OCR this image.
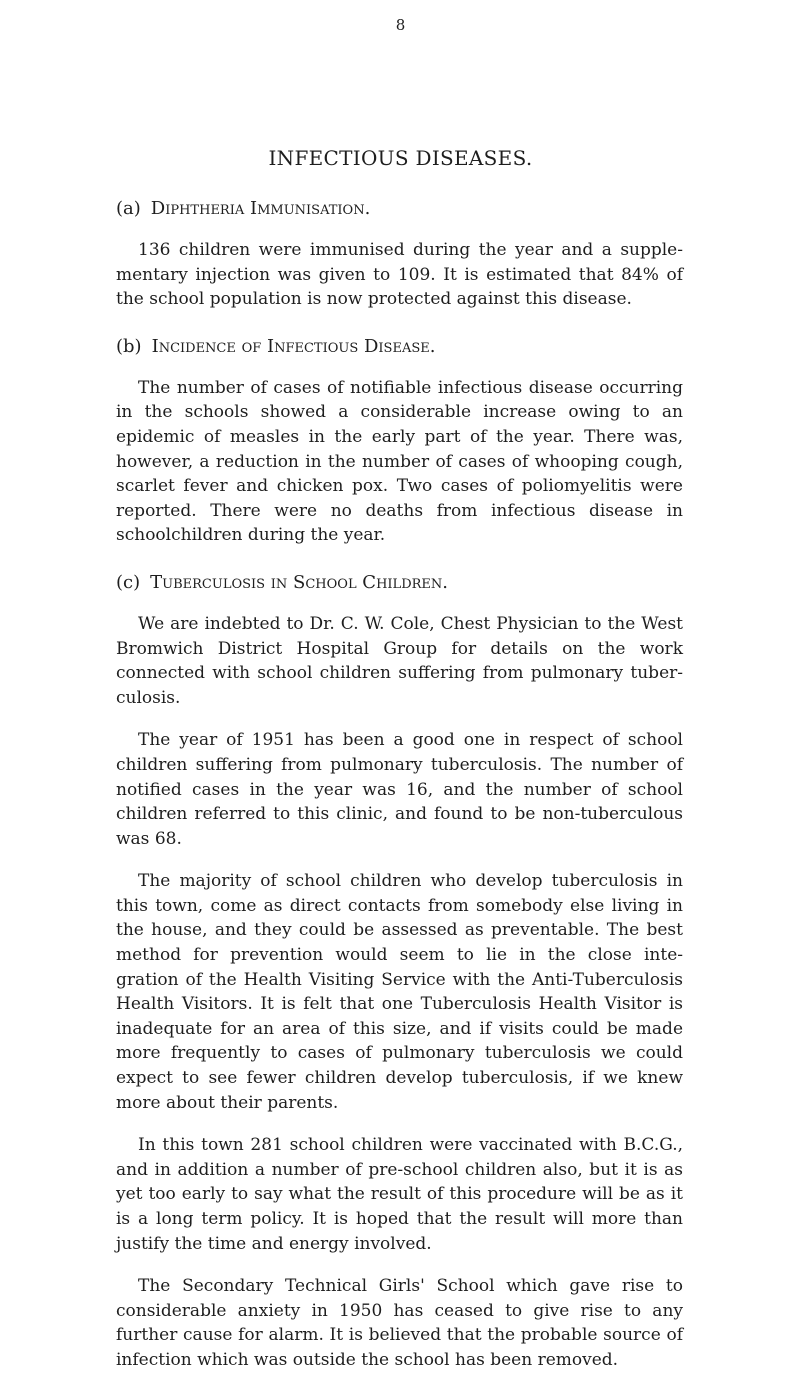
8
INFECTIOUS DISEASES.
(a) Diphtheria Immunisation.

136 children were immunised during the year and a supple‐ mentary injection was given to 109. It is estimated that 84% of the school population is now protected against this disease.

(b) Incidence of Infectious Disease.

The number of cases of notifiable infectious disease occurring in the schools showed a considerable increase owing to an epidemic of measles in the early part of the year. There was, however, a reduction in the number of cases of whooping cough, scarlet fever and chicken pox. Two cases of poliomyelitis were reported. There were no deaths from infectious disease in schoolchildren during the year.

(c) Tuberculosis in School Children.

We are indebted to Dr. C. W. Cole, Chest Physician to the West Bromwich District Hospital Group for details on the work connected with school children suffering from pulmonary tuber‐ culosis.

The year of 1951 has been a good one in respect of school children suffering from pulmonary tuberculosis. The number of notified cases in the year was 16, and the number of school children referred to this clinic, and found to be non‐tuberculous was 68.

The majority of school children who develop tuberculosis in this town, come as direct contacts from somebody else living in the house, and they could be assessed as preventable. The best method for prevention would seem to lie in the close inte‐ gration of the Health Visiting Service with the Anti‐Tuberculosis Health Visitors. It is felt that one Tuberculosis Health Visitor is inadequate for an area of this size, and if visits could be made more frequently to cases of pulmonary tuberculosis we could expect to see fewer children develop tuberculosis, if we knew more about their parents.

In this town 281 school children were vaccinated with B.C.G., and in addition a number of pre‐school children also, but it is as yet too early to say what the result of this procedure will be as it is a long term policy. It is hoped that the result will more than justify the time and energy involved.

The Secondary Technical Girls' School which gave rise to considerable anxiety in 1950 has ceased to give rise to any further cause for alarm. It is believed that the probable source of infection which was outside the school has been removed.
